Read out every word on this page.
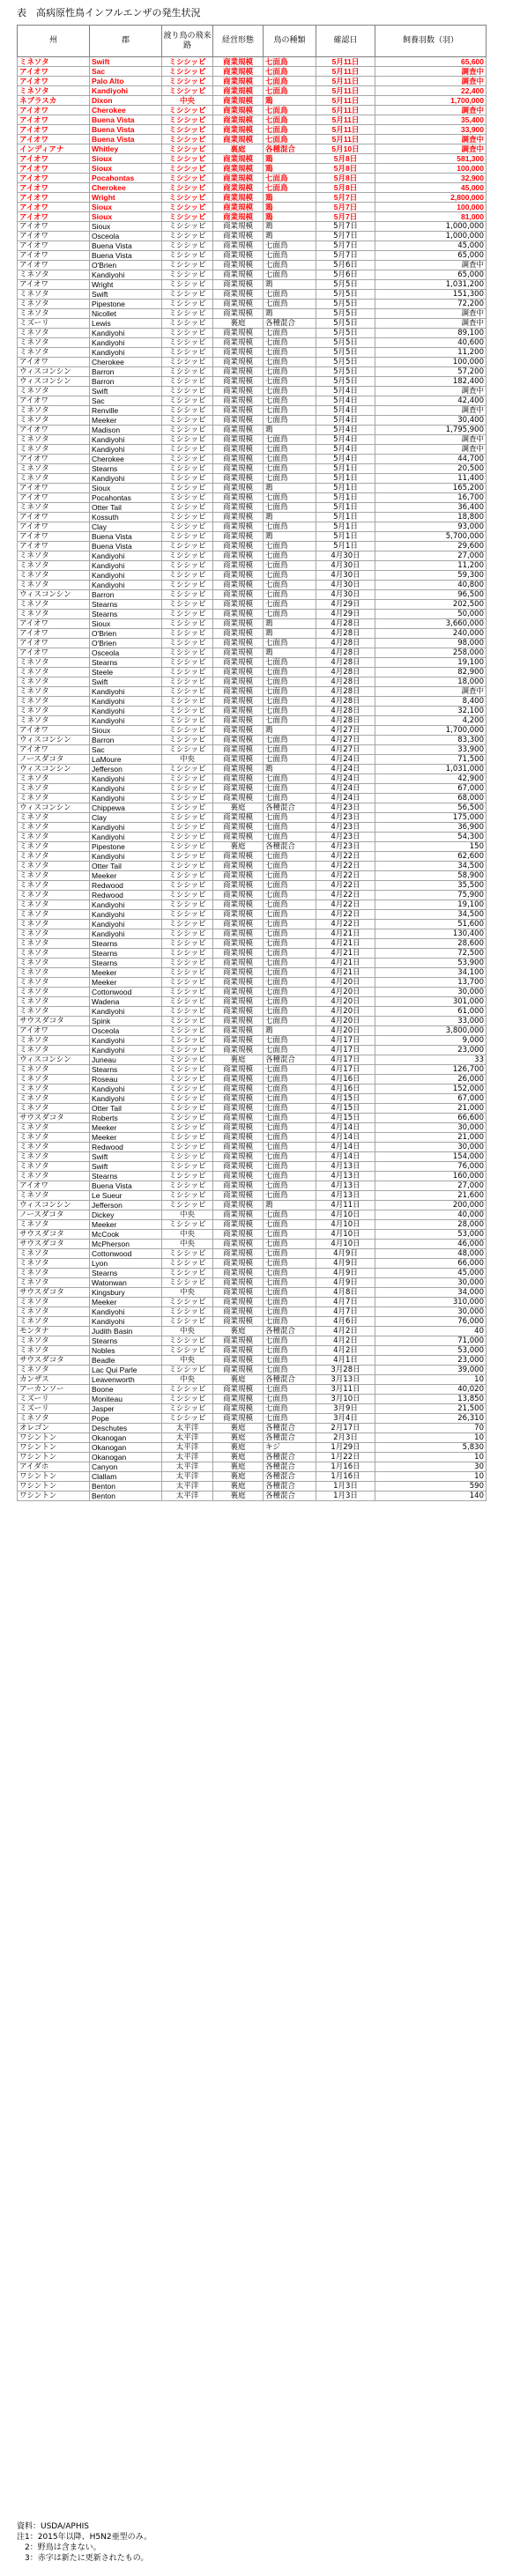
表　高病原性鳥インフルエンザの発生状況
州	郡	渡り鳥の飛来路	経営形態	鳥の種類	確認日	飼養羽数（羽）
ミネソタ	Swift	ミシシッピ	商業規模	七面鳥	5月11日	65,600
アイオワ	Sac	ミシシッピ	商業規模	七面鳥	5月11日	調査中
アイオワ	Palo Alto	ミシシッピ	商業規模	七面鳥	5月11日	調査中
ミネソタ	Kandiyohi	ミシシッピ	商業規模	七面鳥	5月11日	22,400
ネブラスカ	Dixon	中央	商業規模	鶏	5月11日	1,700,000
アイオワ	Cherokee	ミシシッピ	商業規模	七面鳥	5月11日	調査中
アイオワ	Buena Vista	ミシシッピ	商業規模	七面鳥	5月11日	35,400
アイオワ	Buena Vista	ミシシッピ	商業規模	七面鳥	5月11日	33,900
アイオワ	Buena Vista	ミシシッピ	商業規模	七面鳥	5月11日	調査中
インディアナ	Whitley	ミシシッピ	裏庭	各種混合	5月10日	調査中
アイオワ	Sioux	ミシシッピ	商業規模	鶏	5月8日	581,300
アイオワ	Sioux	ミシシッピ	商業規模	鶏	5月8日	100,000
アイオワ	Pocahontas	ミシシッピ	商業規模	七面鳥	5月8日	32,900
アイオワ	Cherokee	ミシシッピ	商業規模	七面鳥	5月8日	45,000
アイオワ	Wright	ミシシッピ	商業規模	鶏	5月7日	2,800,000
アイオワ	Sioux	ミシシッピ	商業規模	鶏	5月7日	100,000
アイオワ	Sioux	ミシシッピ	商業規模	鶏	5月7日	81,000
アイオワ	Sioux	ミシシッピ	商業規模	鶏	5月7日	1,000,000
アイオワ	Osceola	ミシシッピ	商業規模	鶏	5月7日	1,000,000
アイオワ	Buena Vista	ミシシッピ	商業規模	七面鳥	5月7日	45,000
アイオワ	Buena Vista	ミシシッピ	商業規模	七面鳥	5月7日	65,000
アイオワ	O'Brien	ミシシッピ	商業規模	七面鳥	5月6日	調査中
ミネソタ	Kandiyohi	ミシシッピ	商業規模	七面鳥	5月6日	65,000
アイオワ	Wright	ミシシッピ	商業規模	鶏	5月5日	1,031,200
ミネソタ	Swift	ミシシッピ	商業規模	七面鳥	5月5日	151,300
ミネソタ	Pipestone	ミシシッピ	商業規模	七面鳥	5月5日	72,200
ミネソタ	Nicollet	ミシシッピ	商業規模	鶏	5月5日	調査中
ミズーリ	Lewis	ミシシッピ	裏庭	各種混合	5月5日	調査中
ミネソタ	Kandiyohi	ミシシッピ	商業規模	七面鳥	5月5日	89,100
ミネソタ	Kandiyohi	ミシシッピ	商業規模	七面鳥	5月5日	40,600
ミネソタ	Kandiyohi	ミシシッピ	商業規模	七面鳥	5月5日	11,200
アイオワ	Cherokee	ミシシッピ	商業規模	七面鳥	5月5日	100,000
ウィスコンシン	Barron	ミシシッピ	商業規模	七面鳥	5月5日	57,200
ウィスコンシン	Barron	ミシシッピ	商業規模	七面鳥	5月5日	182,400
ミネソタ	Swift	ミシシッピ	商業規模	七面鳥	5月4日	調査中
アイオワ	Sac	ミシシッピ	商業規模	七面鳥	5月4日	42,400
ミネソタ	Renville	ミシシッピ	商業規模	七面鳥	5月4日	調査中
ミネソタ	Meeker	ミシシッピ	商業規模	七面鳥	5月4日	30,400
アイオワ	Madison	ミシシッピ	商業規模	鶏	5月4日	1,795,900
ミネソタ	Kandiyohi	ミシシッピ	商業規模	七面鳥	5月4日	調査中
ミネソタ	Kandiyohi	ミシシッピ	商業規模	七面鳥	5月4日	調査中
アイオワ	Cherokee	ミシシッピ	商業規模	七面鳥	5月4日	44,700
ミネソタ	Stearns	ミシシッピ	商業規模	七面鳥	5月1日	20,500
ミネソタ	Kandiyohi	ミシシッピ	商業規模	七面鳥	5月1日	11,400
アイオワ	Sioux	ミシシッピ	商業規模	鶏	5月1日	165,200
アイオワ	Pocahontas	ミシシッピ	商業規模	七面鳥	5月1日	16,700
ミネソタ	Otter Tail	ミシシッピ	商業規模	七面鳥	5月1日	36,400
アイオワ	Kossuth	ミシシッピ	商業規模	鶏	5月1日	18,800
アイオワ	Clay	ミシシッピ	商業規模	七面鳥	5月1日	93,000
アイオワ	Buena Vista	ミシシッピ	商業規模	鶏	5月1日	5,700,000
アイオワ	Buena Vista	ミシシッピ	商業規模	七面鳥	5月1日	29,600
ミネソタ	Kandiyohi	ミシシッピ	商業規模	七面鳥	4月30日	27,000
ミネソタ	Kandiyohi	ミシシッピ	商業規模	七面鳥	4月30日	11,200
ミネソタ	Kandiyohi	ミシシッピ	商業規模	七面鳥	4月30日	59,300
ミネソタ	Kandiyohi	ミシシッピ	商業規模	七面鳥	4月30日	40,800
ウィスコンシン	Barron	ミシシッピ	商業規模	七面鳥	4月30日	96,500
ミネソタ	Stearns	ミシシッピ	商業規模	七面鳥	4月29日	202,500
ミネソタ	Stearns	ミシシッピ	商業規模	七面鳥	4月29日	50,000
アイオワ	Sioux	ミシシッピ	商業規模	鶏	4月28日	3,660,000
アイオワ	O'Brien	ミシシッピ	商業規模	鶏	4月28日	240,000
アイオワ	O'Brien	ミシシッピ	商業規模	七面鳥	4月28日	98,000
アイオワ	Osceola	ミシシッピ	商業規模	鶏	4月28日	258,000
ミネソタ	Stearns	ミシシッピ	商業規模	七面鳥	4月28日	19,100
ミネソタ	Steele	ミシシッピ	商業規模	七面鳥	4月28日	82,900
ミネソタ	Swift	ミシシッピ	商業規模	七面鳥	4月28日	18,000
ミネソタ	Kandiyohi	ミシシッピ	商業規模	七面鳥	4月28日	調査中
ミネソタ	Kandiyohi	ミシシッピ	商業規模	七面鳥	4月28日	8,400
ミネソタ	Kandiyohi	ミシシッピ	商業規模	七面鳥	4月28日	32,100
ミネソタ	Kandiyohi	ミシシッピ	商業規模	七面鳥	4月28日	4,200
アイオワ	Sioux	ミシシッピ	商業規模	鶏	4月27日	1,700,000
ウィスコンシン	Barron	ミシシッピ	商業規模	七面鳥	4月27日	83,300
アイオワ	Sac	ミシシッピ	商業規模	七面鳥	4月27日	33,900
ノースダコタ	LaMoure	中央	商業規模	七面鳥	4月24日	71,500
ウィスコンシン	Jefferson	ミシシッピ	商業規模	鶏	4月24日	1,031,000
ミネソタ	Kandiyohi	ミシシッピ	商業規模	七面鳥	4月24日	42,900
ミネソタ	Kandiyohi	ミシシッピ	商業規模	七面鳥	4月24日	67,000
ミネソタ	Kandiyohi	ミシシッピ	商業規模	七面鳥	4月24日	68,000
ウィスコンシン	Chippewa	ミシシッピ	裏庭	各種混合	4月23日	56,500
ミネソタ	Clay	ミシシッピ	商業規模	七面鳥	4月23日	175,000
ミネソタ	Kandiyohi	ミシシッピ	商業規模	七面鳥	4月23日	36,900
ミネソタ	Kandiyohi	ミシシッピ	商業規模	七面鳥	4月23日	54,300
ミネソタ	Pipestone	ミシシッピ	裏庭	各種混合	4月23日	150
ミネソタ	Kandiyohi	ミシシッピ	商業規模	七面鳥	4月22日	62,600
ミネソタ	Otter Tail	ミシシッピ	商業規模	七面鳥	4月22日	34,500
ミネソタ	Meeker	ミシシッピ	商業規模	七面鳥	4月22日	58,900
ミネソタ	Redwood	ミシシッピ	商業規模	七面鳥	4月22日	35,500
ミネソタ	Redwood	ミシシッピ	商業規模	七面鳥	4月22日	75,900
ミネソタ	Kandiyohi	ミシシッピ	商業規模	七面鳥	4月22日	19,100
ミネソタ	Kandiyohi	ミシシッピ	商業規模	七面鳥	4月22日	34,500
ミネソタ	Kandiyohi	ミシシッピ	商業規模	七面鳥	4月22日	51,600
ミネソタ	Kandiyohi	ミシシッピ	商業規模	七面鳥	4月21日	130,400
ミネソタ	Stearns	ミシシッピ	商業規模	七面鳥	4月21日	28,600
ミネソタ	Stearns	ミシシッピ	商業規模	七面鳥	4月21日	72,500
ミネソタ	Stearns	ミシシッピ	商業規模	七面鳥	4月21日	53,900
ミネソタ	Meeker	ミシシッピ	商業規模	七面鳥	4月21日	34,100
ミネソタ	Meeker	ミシシッピ	商業規模	七面鳥	4月20日	13,700
ミネソタ	Cottonwood	ミシシッピ	商業規模	七面鳥	4月20日	30,000
ミネソタ	Wadena	ミシシッピ	商業規模	七面鳥	4月20日	301,000
ミネソタ	Kandiyohi	ミシシッピ	商業規模	七面鳥	4月20日	61,000
サウスダコタ	Spink	ミシシッピ	商業規模	七面鳥	4月20日	33,000
アイオワ	Osceola	ミシシッピ	商業規模	鶏	4月20日	3,800,000
ミネソタ	Kandiyohi	ミシシッピ	商業規模	七面鳥	4月17日	9,000
ミネソタ	Kandiyohi	ミシシッピ	商業規模	七面鳥	4月17日	23,000
ウィスコンシン	Juneau	ミシシッピ	裏庭	各種混合	4月17日	33
ミネソタ	Stearns	ミシシッピ	商業規模	七面鳥	4月17日	126,700
ミネソタ	Roseau	ミシシッピ	商業規模	七面鳥	4月16日	26,000
ミネソタ	Kandiyohi	ミシシッピ	商業規模	七面鳥	4月16日	152,000
ミネソタ	Kandiyohi	ミシシッピ	商業規模	七面鳥	4月15日	67,000
ミネソタ	Otter Tail	ミシシッピ	商業規模	七面鳥	4月15日	21,000
サウスダコタ	Roberts	ミシシッピ	商業規模	七面鳥	4月15日	66,600
ミネソタ	Meeker	ミシシッピ	商業規模	七面鳥	4月14日	30,000
ミネソタ	Meeker	ミシシッピ	商業規模	七面鳥	4月14日	21,000
ミネソタ	Redwood	ミシシッピ	商業規模	七面鳥	4月14日	30,000
ミネソタ	Swift	ミシシッピ	商業規模	七面鳥	4月14日	154,000
ミネソタ	Swift	ミシシッピ	商業規模	七面鳥	4月13日	76,000
ミネソタ	Stearns	ミシシッピ	商業規模	七面鳥	4月13日	160,000
アイオワ	Buena Vista	ミシシッピ	商業規模	七面鳥	4月13日	27,000
ミネソタ	Le Sueur	ミシシッピ	商業規模	七面鳥	4月13日	21,600
ウィスコンシン	Jefferson	ミシシッピ	商業規模	鶏	4月11日	200,000
ノースダコタ	Dickey	中央	商業規模	七面鳥	4月10日	40,000
ミネソタ	Meeker	ミシシッピ	商業規模	七面鳥	4月10日	28,000
サウスダコタ	McCook	中央	商業規模	七面鳥	4月10日	53,000
サウスダコタ	McPherson	中央	商業規模	七面鳥	4月10日	46,000
ミネソタ	Cottonwood	ミシシッピ	商業規模	七面鳥	4月9日	48,000
ミネソタ	Lyon	ミシシッピ	商業規模	七面鳥	4月9日	66,000
ミネソタ	Stearns	ミシシッピ	商業規模	七面鳥	4月9日	45,000
ミネソタ	Watonwan	ミシシッピ	商業規模	七面鳥	4月9日	30,000
サウスダコタ	Kingsbury	中央	商業規模	七面鳥	4月8日	34,000
ミネソタ	Meeker	ミシシッピ	商業規模	七面鳥	4月7日	310,000
ミネソタ	Kandiyohi	ミシシッピ	商業規模	七面鳥	4月7日	30,000
ミネソタ	Kandiyohi	ミシシッピ	商業規模	七面鳥	4月6日	76,000
モンタナ	Judith Basin	中央	裏庭	各種混合	4月2日	40
ミネソタ	Stearns	ミシシッピ	商業規模	七面鳥	4月2日	71,000
ミネソタ	Nobles	ミシシッピ	商業規模	七面鳥	4月2日	53,000
サウスダコタ	Beadle	中央	商業規模	七面鳥	4月1日	23,000
ミネソタ	Lac Qui Parle	ミシシッピ	商業規模	七面鳥	3月28日	39,000
カンザス	Leavenworth	中央	裏庭	各種混合	3月13日	10
アーカンソー	Boone	ミシシッピ	商業規模	七面鳥	3月11日	40,020
ミズーリ	Moniteau	ミシシッピ	商業規模	七面鳥	3月10日	13,850
ミズーリ	Jasper	ミシシッピ	商業規模	七面鳥	3月9日	21,500
ミネソタ	Pope	ミシシッピ	商業規模	七面鳥	3月4日	26,310
オレゴン	Deschutes	太平洋	裏庭	各種混合	2月17日	70
ワシントン	Okanogan	太平洋	裏庭	各種混合	2月3日	10
ワシントン	Okanogan	太平洋	裏庭	キジ	1月29日	5,830
ワシントン	Okanogan	太平洋	裏庭	各種混合	1月22日	10
アイダホ	Canyon	太平洋	裏庭	各種混合	1月16日	30
ワシントン	Clallam	太平洋	裏庭	各種混合	1月16日	10
ワシントン	Benton	太平洋	裏庭	各種混合	1月3日	590
ワシントン	Benton	太平洋	裏庭	各種混合	1月3日	140
資料：USDA/APHIS
注1：2015年以降、H5N2亜型のみ。
　2：野鳥は含まない。
　3：赤字は新たに更新されたもの。
